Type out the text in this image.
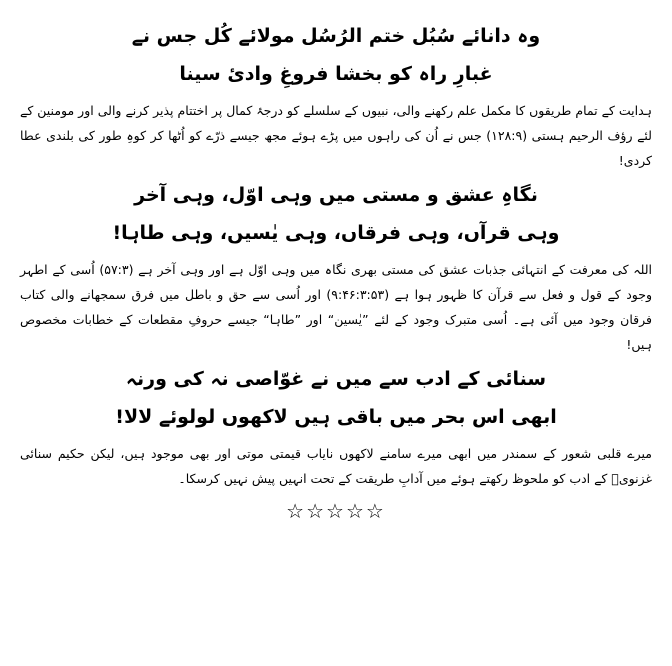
وہ دانائے سُبُل ختم الرُسُل مولائے کُل جس نے
غبارِ راہ کو بخشا فروغِ وادیٔ سینا
ہدایت کے تمام طریقوں کا مکمل علم رکھنے والی، نبیوں کے سلسلے کو درجۂ کمال پر اختتام پذیر کرنے والی اور مومنین کے لئے رؤف الرحیم ہستی (۱۲۸:۹) جس نے اُن کی راہوں میں پڑے ہوئے مجھ جیسے ذرّے کو اُٹھا کر کوہِ طور کی بلندی عطا کردی!
نگاہِ عشق و مستی میں وہی اوّل، وہی آخر
وہی قرآں، وہی فرقاں، وہی یٰسیں، وہی طاہا!
اللہ کی معرفت کے انتہائی جذبات عشق کی مستی بھری نگاہ میں وہی اوّل ہے اور وہی آخر ہے (۵۷:۳) اُسی کے اطہر وجود کے قول و فعل سے قرآن کا ظہور ہوا ہے (۹:۴۶:۳:۵۳) اور اُسی سے حق و باطل میں فرق سمجھانے والی کتاب فرقان وجود میں آئی ہے۔ اُسی متبرک وجود کے لئے ”یٰسین“ اور ”طاہا“ جیسے حروفِ مقطعات کے خطابات مخصوص ہیں!
سنائی کے ادب سے میں نے غوّاصی نہ کی ورنہ
ابھی اس بحر میں باقی ہیں لاکھوں لولوئے لالا!
میرے قلبی شعور کے سمندر میں ابھی میرے سامنے لاکھوں نایاب قیمتی موتی اور بھی موجود ہیں، لیکن حکیم سنائی غزنویؒ کے ادب کو ملحوظ رکھتے ہوئے میں آدابِ طریقت کے تحت انہیں پیش نہیں کرسکا۔
☆☆☆☆☆
